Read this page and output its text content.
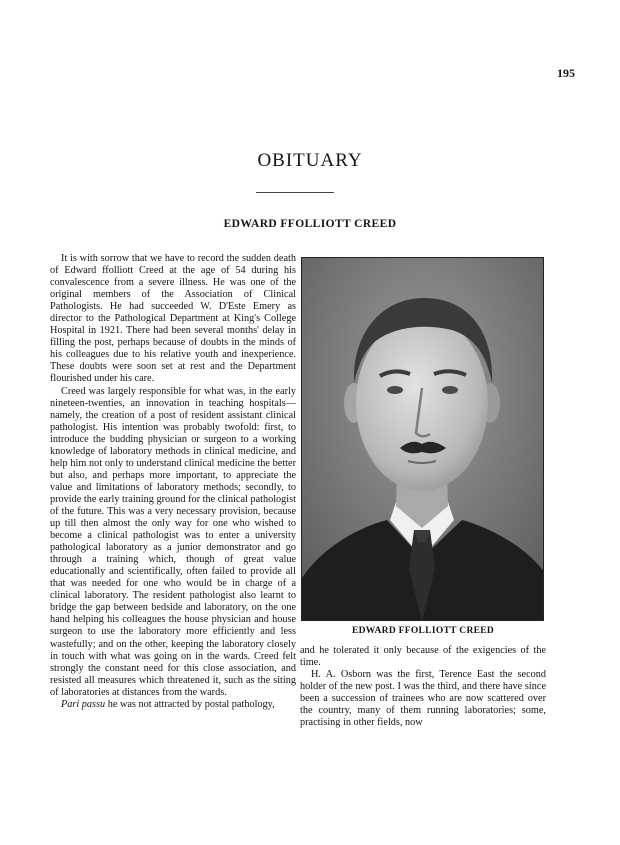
195
OBITUARY
EDWARD FFOLLIOTT CREED

It is with sorrow that we have to record the sudden death of Edward ffolliott Creed at the age of 54 during his convalescence from a severe illness. He was one of the original members of the Association of Clinical Pathologists. He had succeeded W. D'Este Emery as director to the Pathological Department at King's College Hospital in 1921. There had been several months' delay in filling the post, perhaps because of doubts in the minds of his colleagues due to his relative youth and inexperience. These doubts were soon set at rest and the Department flourished under his care.

Creed was largely responsible for what was, in the early nineteen-twenties, an innovation in teaching hospitals—namely, the creation of a post of resident assistant clinical pathologist. His intention was probably twofold: first, to introduce the budding physician or surgeon to a working knowledge of laboratory methods in clinical medicine, and help him not only to understand clinical medicine the better but also, and perhaps more important, to appreciate the value and limitations of laboratory methods; secondly, to provide the early training ground for the clinical pathologist of the future. This was a very necessary provision, because up till then almost the only way for one who wished to become a clinical pathologist was to enter a university pathological laboratory as a junior demonstrator and go through a training which, though of great value educationally and scientifically, often failed to provide all that was needed for one who would be in charge of a clinical laboratory. The resident pathologist also learnt to bridge the gap between bedside and laboratory, on the one hand helping his colleagues the house physician and house surgeon to use the laboratory more efficiently and less wastefully; and on the other, keeping the laboratory closely in touch with what was going on in the wards. Creed felt strongly the constant need for this close association, and resisted all measures which threatened it, such as the siting of laboratories at distances from the wards.

Pari passu he was not attracted by postal pathology,

EDWARD FFOLLIOTT CREED

and he tolerated it only because of the exigencies of the time.

H. A. Osborn was the first, Terence East the second holder of the new post. I was the third, and there have since been a succession of trainees who are now scattered over the country, many of them running laboratories; some, practising in other fields, now
